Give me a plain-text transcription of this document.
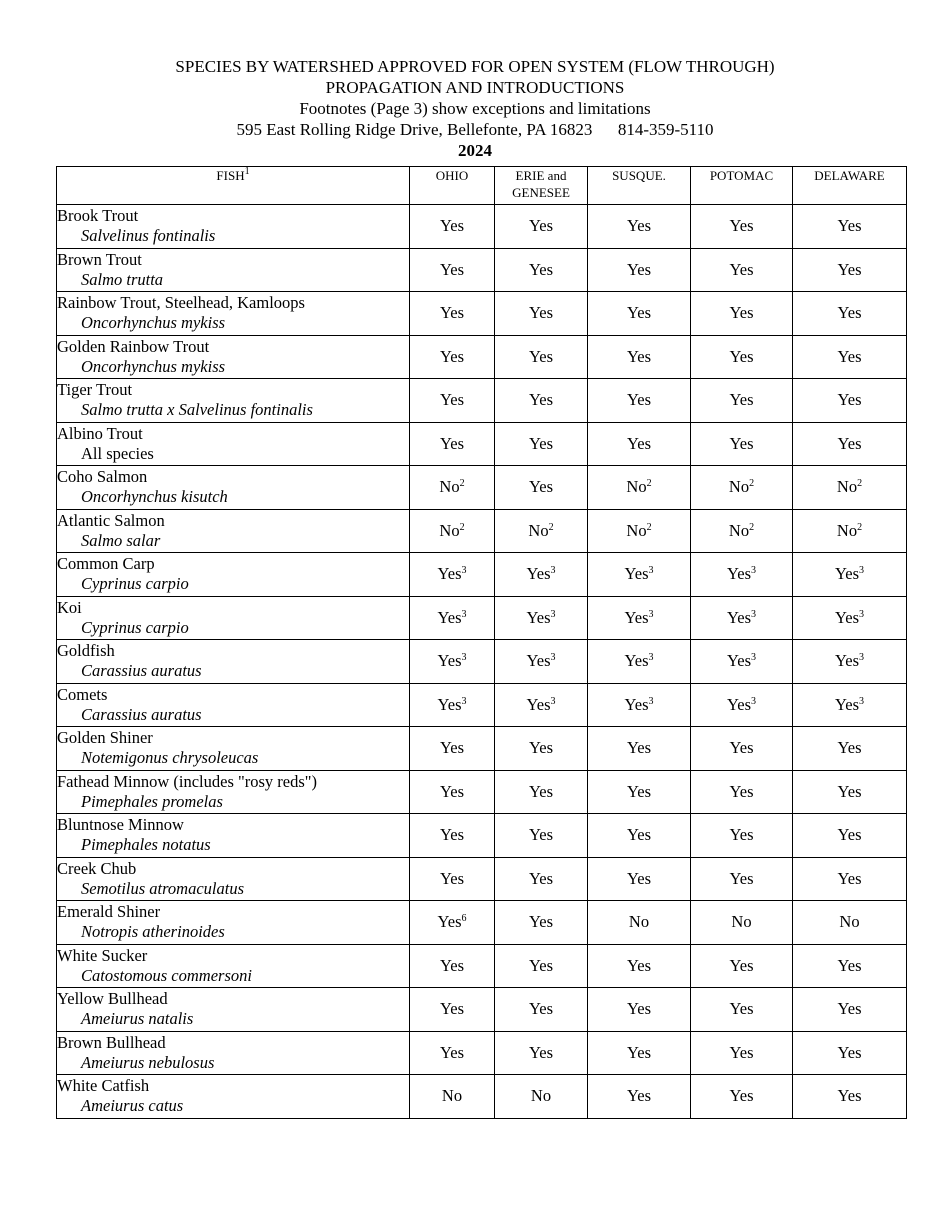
SPECIES BY WATERSHED APPROVED FOR OPEN SYSTEM (FLOW THROUGH)
PROPAGATION AND INTRODUCTIONS
Footnotes (Page 3) show exceptions and limitations
595 East Rolling Ridge Drive, Bellefonte, PA 16823      814-359-5110
2024
FISH$^1$	OHIO	ERIE and GENESEE	SUSQUE.	POTOMAC	DELAWARE

Brook Trout
Salvelinus fontinalis	Yes	Yes	Yes	Yes	Yes

Brown Trout
Salmo trutta	Yes	Yes	Yes	Yes	Yes

Rainbow Trout, Steelhead, Kamloops
Oncorhynchus mykiss	Yes	Yes	Yes	Yes	Yes

Golden Rainbow Trout
Oncorhynchus mykiss	Yes	Yes	Yes	Yes	Yes

Tiger Trout
Salmo trutta x Salvelinus fontinalis	Yes	Yes	Yes	Yes	Yes

Albino Trout
All species	Yes	Yes	Yes	Yes	Yes

Coho Salmon
Oncorhynchus kisutch	No$^2$	Yes	No$^2$	No$^2$	No$^2$

Atlantic Salmon
Salmo salar	No$^2$	No$^2$	No$^2$	No$^2$	No$^2$

Common Carp
Cyprinus carpio	Yes$^3$	Yes$^3$	Yes$^3$	Yes$^3$	Yes$^3$

Koi
Cyprinus carpio	Yes$^3$	Yes$^3$	Yes$^3$	Yes$^3$	Yes$^3$

Goldfish
Carassius auratus	Yes$^3$	Yes$^3$	Yes$^3$	Yes$^3$	Yes$^3$

Comets
Carassius auratus	Yes$^3$	Yes$^3$	Yes$^3$	Yes$^3$	Yes$^3$

Golden Shiner
Notemigonus chrysoleucas	Yes	Yes	Yes	Yes	Yes

Fathead Minnow (includes "rosy reds")
Pimephales promelas	Yes	Yes	Yes	Yes	Yes

Bluntnose Minnow
Pimephales notatus	Yes	Yes	Yes	Yes	Yes

Creek Chub
Semotilus atromaculatus	Yes	Yes	Yes	Yes	Yes

Emerald Shiner
Notropis atherinoides	Yes$^6$	Yes	No	No	No

White Sucker
Catostomous commersoni	Yes	Yes	Yes	Yes	Yes

Yellow Bullhead
Ameiurus natalis	Yes	Yes	Yes	Yes	Yes

Brown Bullhead
Ameiurus nebulosus	Yes	Yes	Yes	Yes	Yes

White Catfish
Ameiurus catus	No	No	Yes	Yes	Yes
